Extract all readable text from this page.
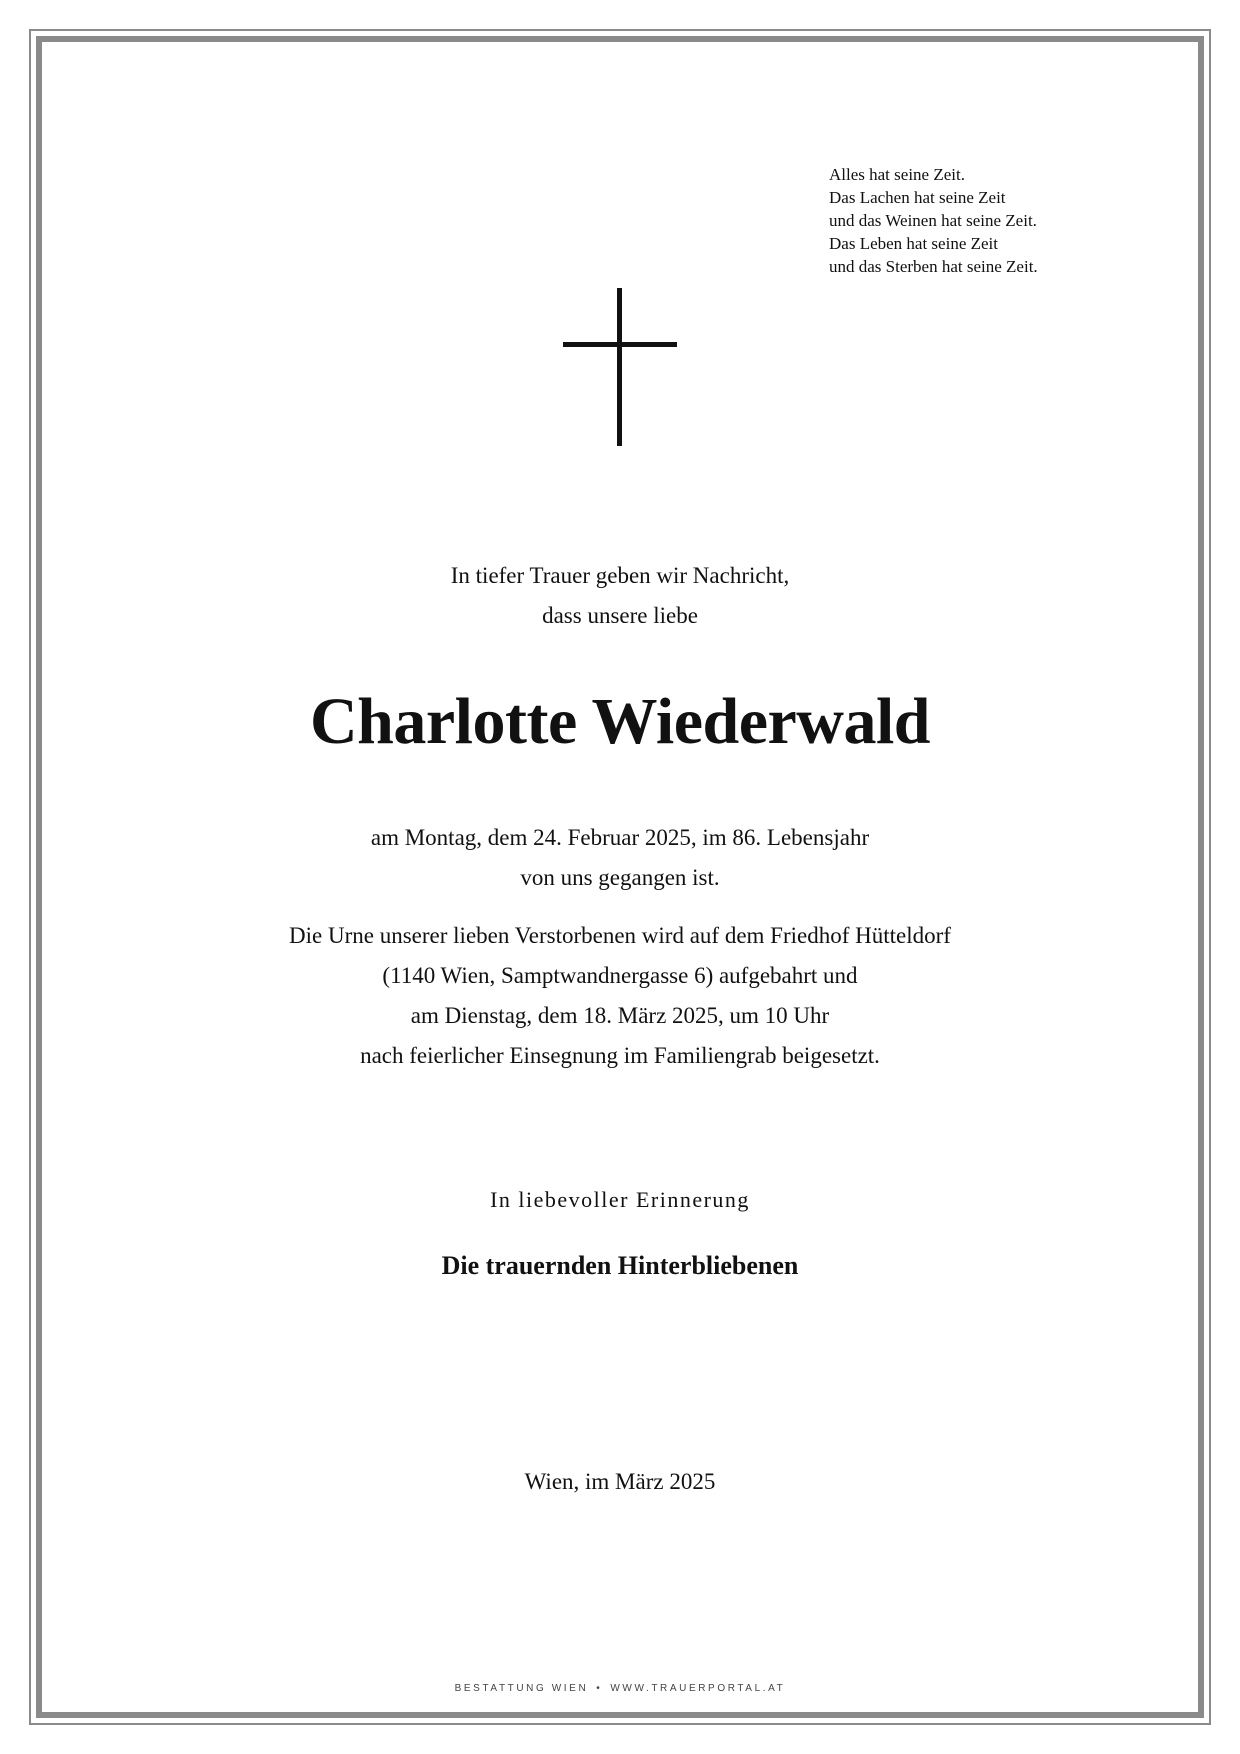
Alles hat seine Zeit.
Das Lachen hat seine Zeit
und das Weinen hat seine Zeit.
Das Leben hat seine Zeit
und das Sterben hat seine Zeit.
In tiefer Trauer geben wir Nachricht,
dass unsere liebe
Charlotte Wiederwald
am Montag, dem 24. Februar 2025, im 86. Lebensjahr
von uns gegangen ist.
Die Urne unserer lieben Verstorbenen wird auf dem Friedhof Hütteldorf
(1140 Wien, Samptwandnergasse 6) aufgebahrt und
am Dienstag, dem 18. März 2025, um 10 Uhr
nach feierlicher Einsegnung im Familiengrab beigesetzt.
In liebevoller Erinnerung
Die trauernden Hinterbliebenen
Wien, im März 2025
BESTATTUNG WIEN • WWW.TRAUERPORTAL.AT
